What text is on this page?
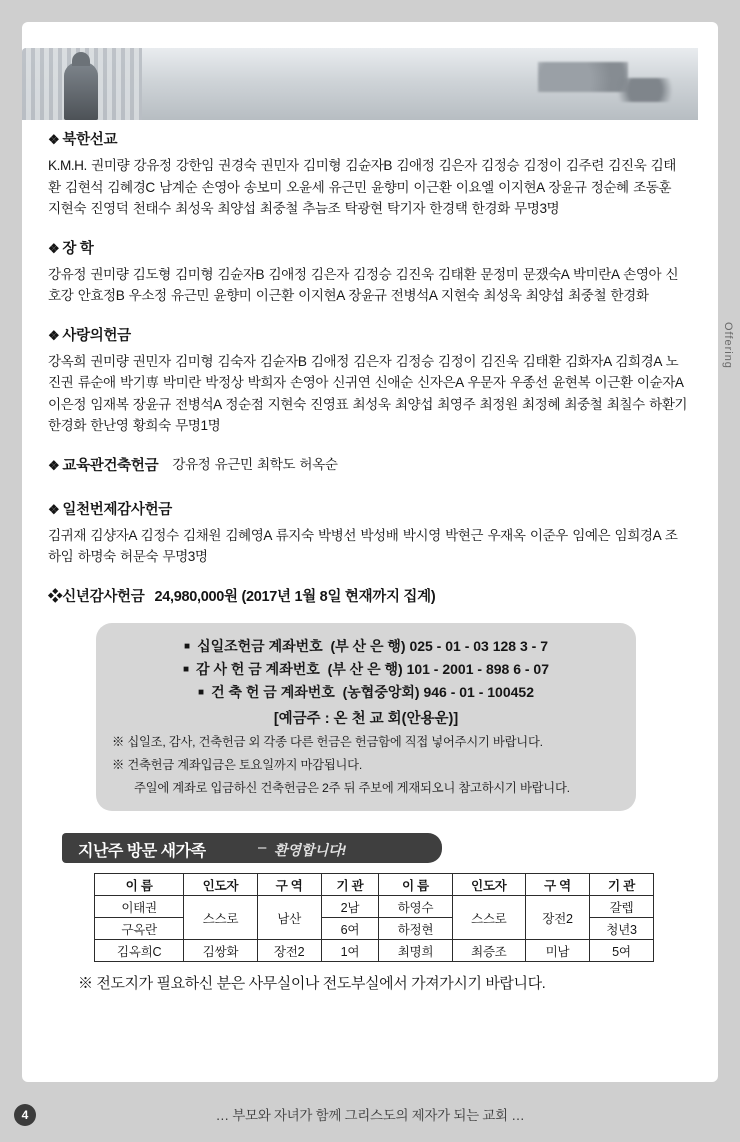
Offering
❖ 북한선교
K.M.H. 권미량 강유정 강한임 권경숙 권민자 김미형 김슌자B 김애정 김은자 김정승 김정이 김주련 김진욱 김태환 김현석 김혜경C 남계순 손영아 송보미 오윤세 유근민 윤향미 이근환 이요엘 이지현A 장윤규 정순혜 조동훈 지현숙 진영덕 천태수 최성욱 최양섭 최중철 추늠조 탁광현 탁기자 한경택 한경화 무명3명
❖ 장 학
강유정 권미량 김도형 김미형 김슌자B 김애정 김은자 김정승 김진욱 김태환 문정미 문쟀숙A 박미란A 손영아 신호강 안효정B 우소정 유근민 윤향미 이근환 이지현A 장윤규 전병석A 지현숙 최성욱 최양섭 최중철 한경화
❖ 사랑의헌금
강옥희 권미량 권민자 김미형 김숙자 김슌자B 김애정 김은자 김정승 김정이 김진욱 김태환 김화자A 김희경A 노진권 류순애 박기専 박미란 박정상 박희자 손영아 신귀연 신애순 신자은A 우문자 우종선 윤현복 이근환 이슌자A 이은정 임재복 장윤규 전병석A 정순점 지현숙 진영표 최성욱 최양섭 최영주 최정원 최정혜 최중철 최칠수 하환기 한경화 한난영 황희숙 무명1명
❖ 교육관건축헌금 강유정 유근민 최학도 허옥순
❖ 일천번제감사헌금
김귀재 김샹자A 김정수 김채원 김혜영A 류지숙 박병선 박성배 박시영 박현근 우재옥 이준우 임예은 임희경A 조하임 하명숙 허문숙 무명3명
❖신년감사헌금 24,980,000원 (2017년 1월 8일 현재까지 집계)
■ 십일조헌금 계좌번호 (부 산 은 행) 025 - 01 - 03 128 3 - 7
■ 감 사 헌 금 계좌번호 (부 산 은 행) 101 - 2001 - 898 6 - 07
■ 건 축 헌 금 계좌번호 (농협중앙회) 946 - 01 - 100452
[예금주 : 온 천 교 회(안용운)]
※ 십일조, 감사, 건축헌금 외 각종 다른 헌금은 헌금함에 직접 넣어주시기 바랍니다.
※ 건축헌금 계좌입금은 토요일까지 마감됩니다.
주일에 계좌로 입금하신 건축헌금은 2주 뒤 주보에 게재되오니 참고하시기 바랍니다.
지난주 방문 새가족	– 환영합니다!
이 름	인도자	구 역	기 관	이 름	인도자	구 역	기 관
이태권	스스로	남산	2남	하영수	스스로	장전2	갈렙
구옥란			6여	하정현			청년3
김옥희C	김쌍화	장전2	1여	최명희	최증조	미남	5여
※ 전도지가 필요하신 분은 사무실이나 전도부실에서 가져가시기 바랍니다.
4	… 부모와 자녀가 함께 그리스도의 제자가 되는 교회 …
